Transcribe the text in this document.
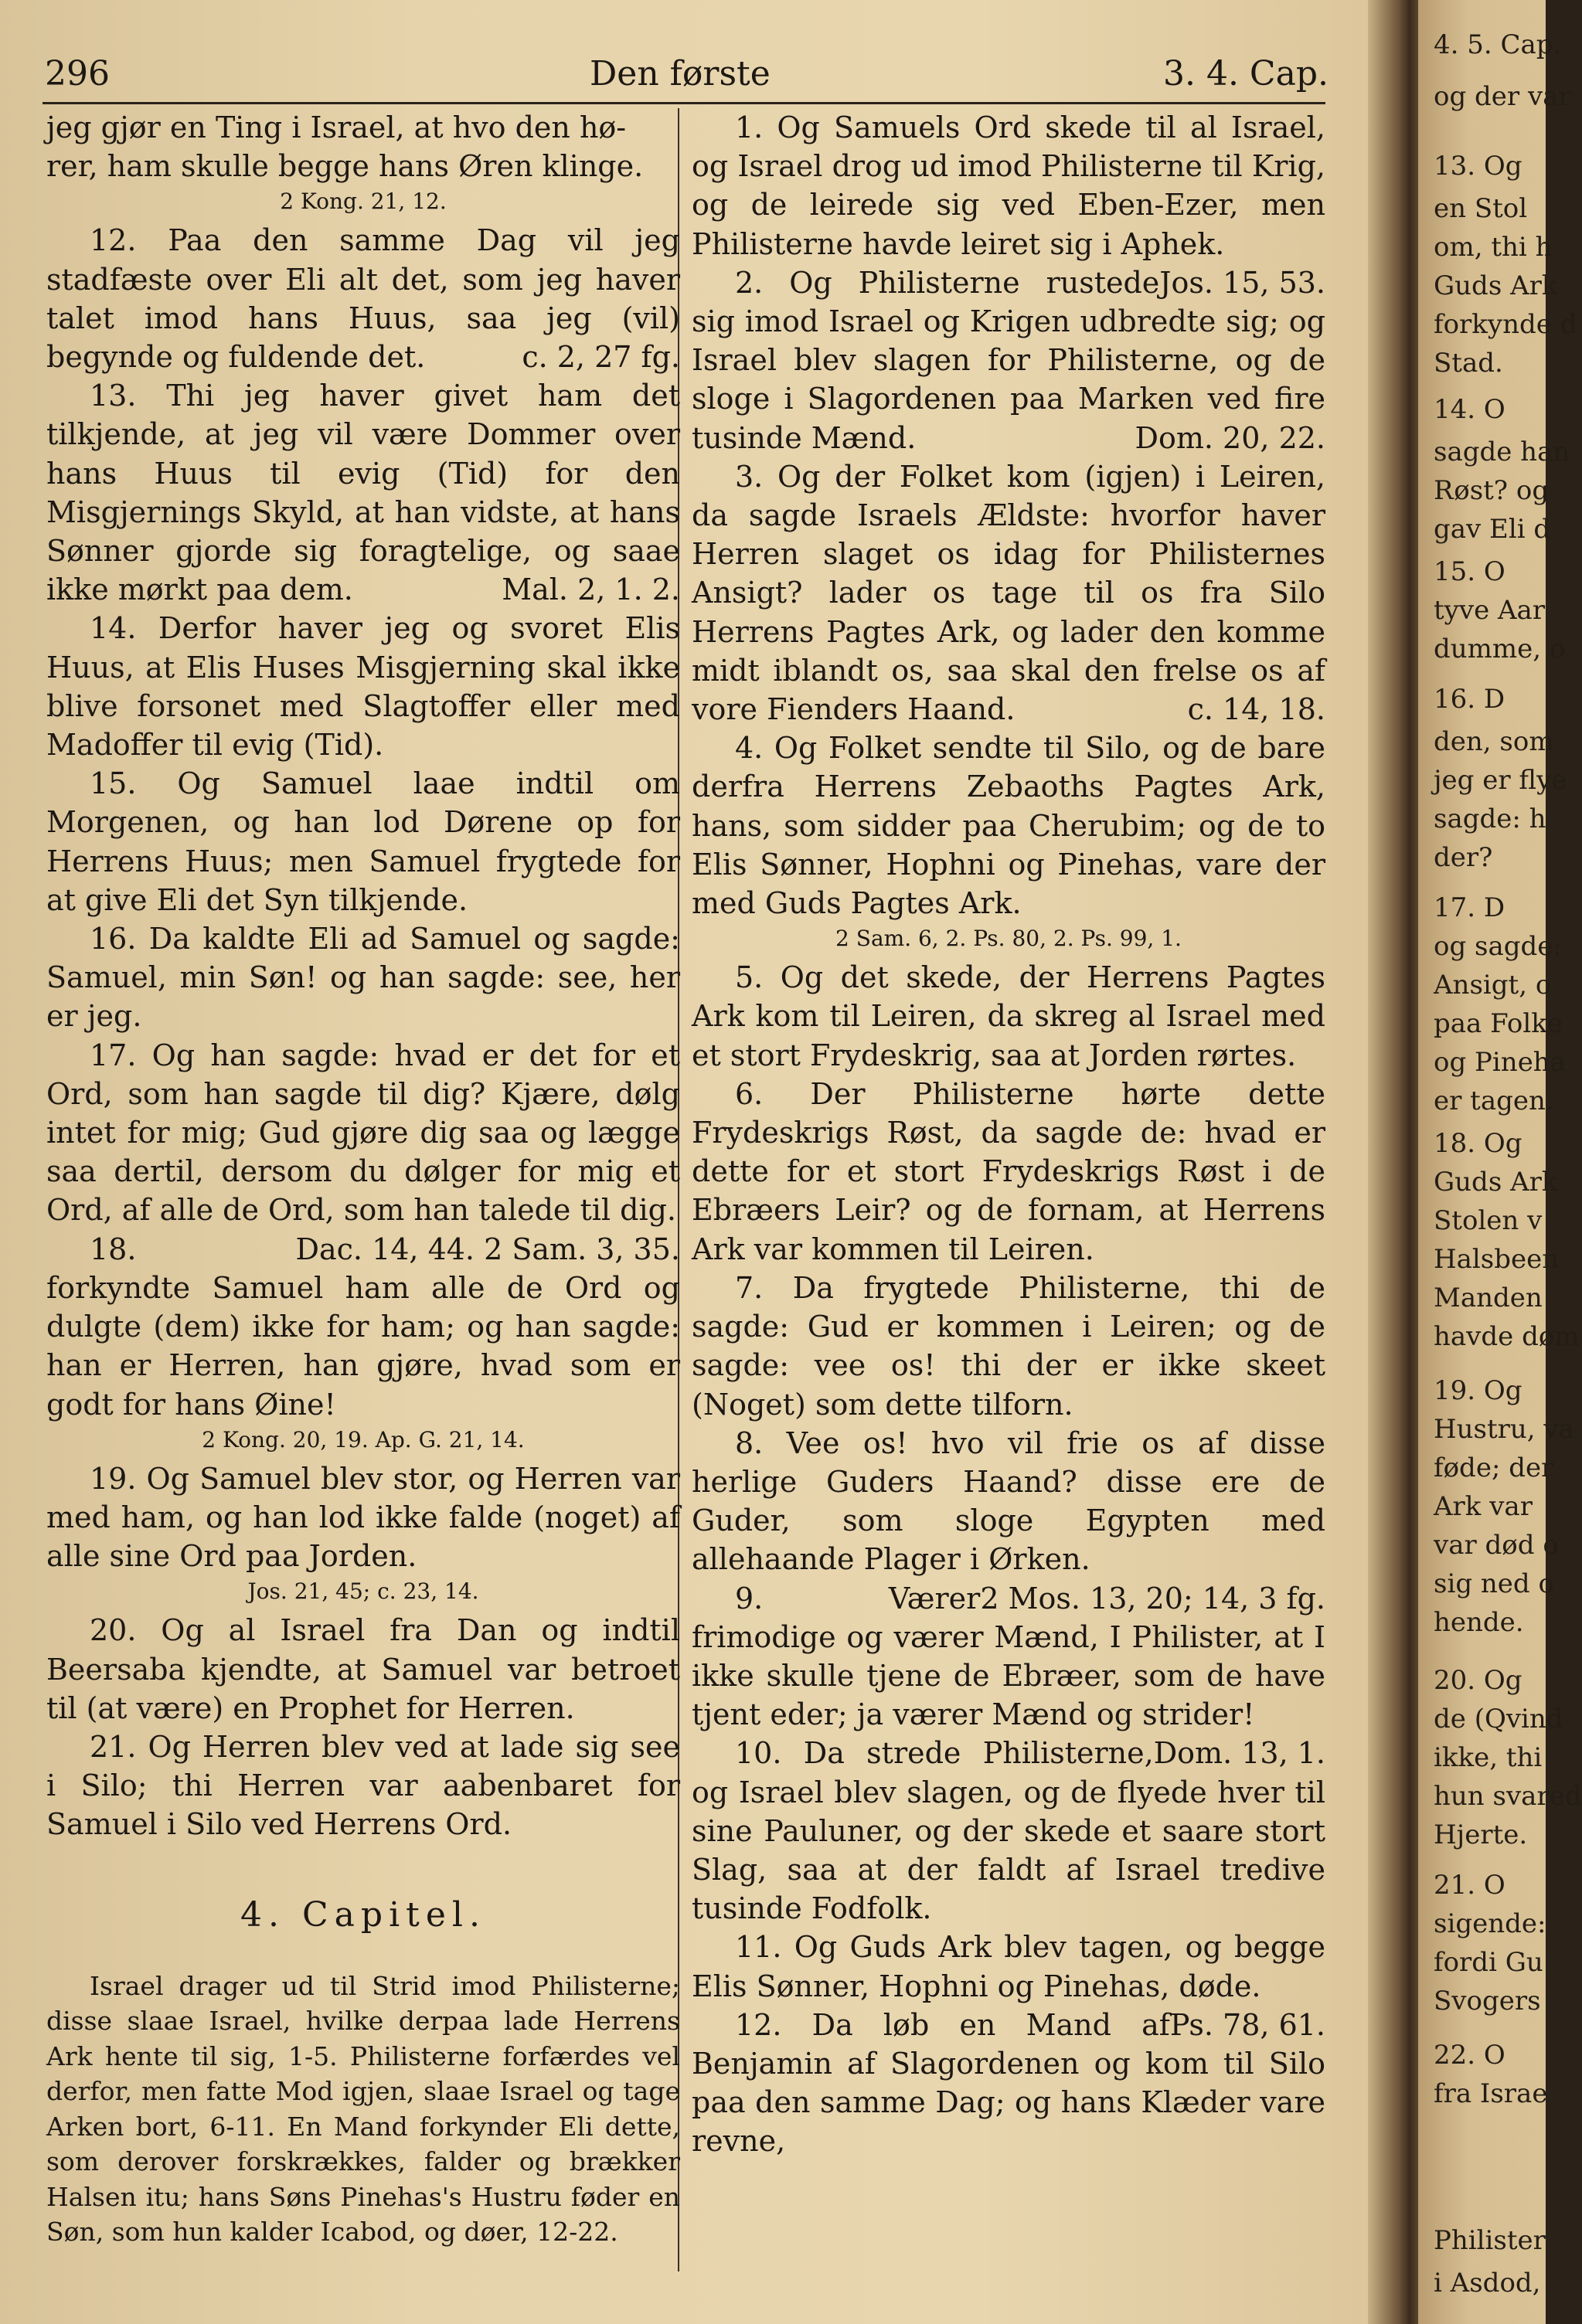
296	Den første	3. 4. Cap.

jeg gjør en Ting i Israel, at hvo den hø-

rer, ham skulle begge hans Øren klinge.

2 Kong. 21, 12.

12. Paa den samme Dag vil jeg stadfæste over Eli alt det, som jeg haver talet imod hans Huus, saa jeg (vil) begynde og fuldende det.	c. 2, 27 fg.

13. Thi jeg haver givet ham det tilkjende, at jeg vil være Dommer over hans Huus til evig (Tid) for den Misgjernings Skyld, at han vidste, at hans Sønner gjorde sig foragtelige, og saae ikke mørkt paa dem.	Mal. 2, 1. 2.

14. Derfor haver jeg og svoret Elis Huus, at Elis Huses Misgjerning skal ikke blive forsonet med Slagtoffer eller med Madoffer til evig (Tid).

15. Og Samuel laae indtil om Morgenen, og han lod Dørene op for Herrens Huus; men Samuel frygtede for at give Eli det Syn tilkjende.

16. Da kaldte Eli ad Samuel og sagde: Samuel, min Søn! og han sagde: see, her er jeg.

17. Og han sagde: hvad er det for et Ord, som han sagde til dig? Kjære, dølg intet for mig; Gud gjøre dig saa og lægge saa dertil, dersom du dølger for mig et Ord, af alle de Ord, som han talede til dig.
c. 14, 44. 2 Sam. 3, 35.

18. Da forkyndte Samuel ham alle de Ord og dulgte (dem) ikke for ham; og han sagde: han er Herren, han gjøre, hvad som er godt for hans Øine!

2 Kong. 20, 19. Ap. G. 21, 14.

19. Og Samuel blev stor, og Herren var med ham, og han lod ikke falde (noget) af alle sine Ord paa Jorden.

Jos. 21, 45; c. 23, 14.

20. Og al Israel fra Dan og indtil Beersaba kjendte, at Samuel var betroet til (at være) en Prophet for Herren.

21. Og Herren blev ved at lade sig see i Silo; thi Herren var aabenbaret for Samuel i Silo ved Herrens Ord.

4. Capitel.

Israel drager ud til Strid imod Philisterne; disse slaae Israel, hvilke derpaa lade Herrens Ark hente til sig, 1-5. Philisterne forfærdes vel derfor, men fatte Mod igjen, slaae Israel og tage Arken bort, 6-11. En Mand forkynder Eli dette, som derover forskrækkes, falder og brækker Halsen itu; hans Søns Pinehas's Hustru føder en Søn, som hun kalder Icabod, og døer, 12-22.

1. Og Samuels Ord skede til al Israel, og Israel drog ud imod Philisterne til Krig, og de leirede sig ved Eben-Ezer, men Philisterne havde leiret sig i Aphek.
Jos. 15, 53.

2. Og Philisterne rustede sig imod Israel og Krigen udbredte sig; og Israel blev slagen for Philisterne, og de sloge i Slagordenen paa Marken ved fire tusinde Mænd.	Dom. 20, 22.

3. Og der Folket kom (igjen) i Leiren, da sagde Israels Ældste: hvorfor haver Herren slaget os idag for Philisternes Ansigt? lader os tage til os fra Silo Herrens Pagtes Ark, og lader den komme midt iblandt os, saa skal den frelse os af vore Fienders Haand.	c. 14, 18.

4. Og Folket sendte til Silo, og de bare derfra Herrens Zebaoths Pagtes Ark, hans, som sidder paa Cherubim; og de to Elis Sønner, Hophni og Pinehas, vare der med Guds Pagtes Ark.

2 Sam. 6, 2. Ps. 80, 2. Ps. 99, 1.

5. Og det skede, der Herrens Pagtes Ark kom til Leiren, da skreg al Israel med et stort Frydeskrig, saa at Jorden rørtes.

6. Der Philisterne hørte dette Frydeskrigs Røst, da sagde de: hvad er dette for et stort Frydeskrigs Røst i de Ebræers Leir? og de fornam, at Herrens Ark var kommen til Leiren.

7. Da frygtede Philisterne, thi de sagde: Gud er kommen i Leiren; og de sagde: vee os! thi der er ikke skeet (Noget) som dette tilforn.

8. Vee os! hvo vil frie os af disse herlige Guders Haand? disse ere de Guder, som sloge Egypten med allehaande Plager i Ørken.
2 Mos. 13, 20; 14, 3 fg.

9. Værer frimodige og værer Mænd, I Philister, at I ikke skulle tjene de Ebræer, som de have tjent eder; ja værer Mænd og strider!
Dom. 13, 1.

10. Da strede Philisterne, og Israel blev slagen, og de flyede hver til sine Pauluner, og der skede et saare stort Slag, saa at der faldt af Israel tredive tusinde Fodfolk.

11. Og Guds Ark blev tagen, og begge Elis Sønner, Hophni og Pinehas, døde.
Ps. 78, 61.

12. Da løb en Mand af Benjamin af Slagordenen og kom til Silo paa den samme Dag; og hans Klæder vare revne,

4. 5. Cap.
og der var
13. Og
en Stol
om, thi h
Guds Ark
forkynde d
Stad.
14. O
sagde han
Røst? og
gav Eli d
15. O
tyve Aar
dumme, o
16. D
den, som
jeg er flye
sagde: h
der?
17. D
og sagde:
Ansigt, o
paa Folke
og Pineha
er tagen.
18. Og
Guds Ark
Stolen v
Halsbeen
Manden
havde døm
19. Og
Hustru, va
føde; der
Ark var
var død o
sig ned o
hende.
20. Og
de (Qvind
ikke, thi
hun svared
Hjerte.
21. O
sigende:
fordi Gu
Svogers
22. O
fra Israe
Philister
i Asdod,
